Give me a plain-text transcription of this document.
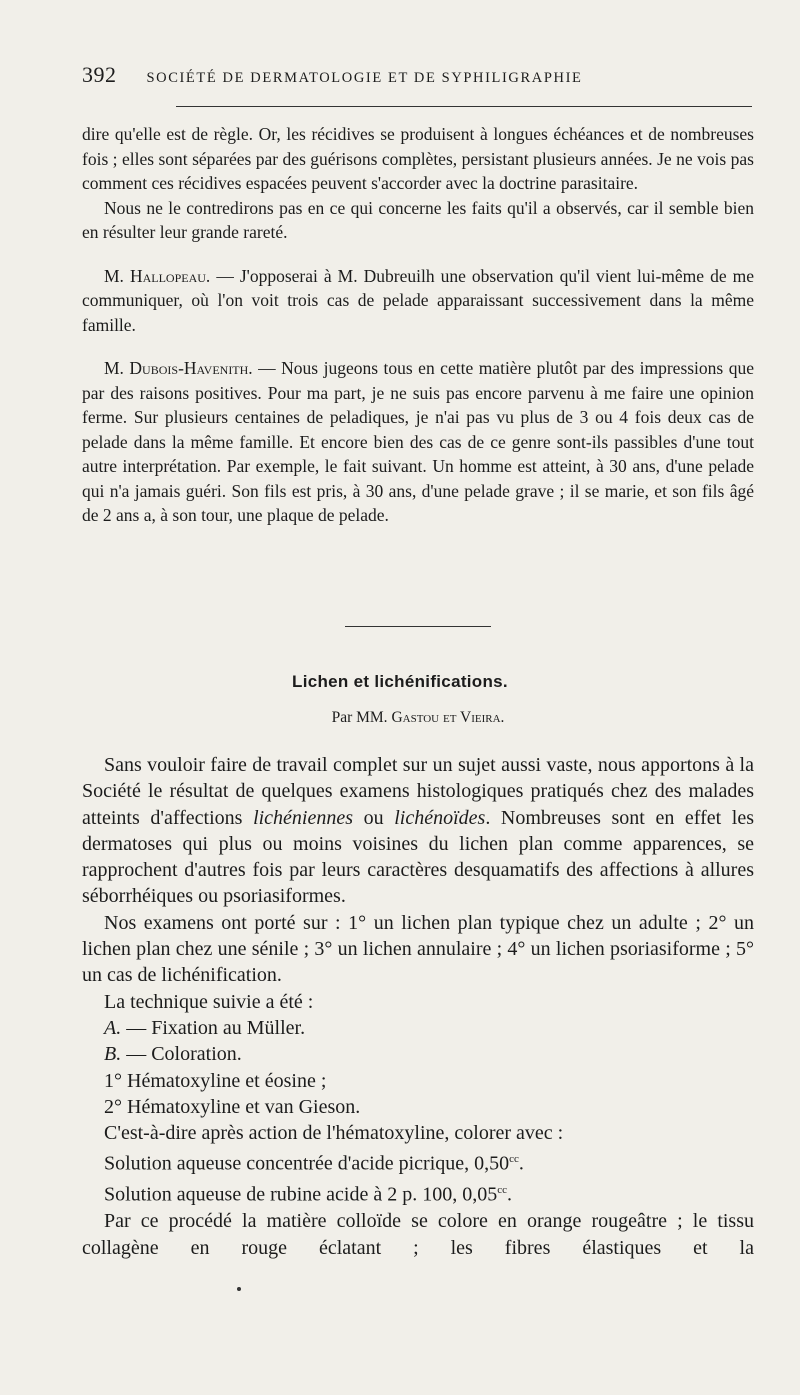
392 SOCIÉTÉ DE DERMATOLOGIE ET DE SYPHILIGRAPHIE

dire qu'elle est de règle. Or, les récidives se produisent à longues échéances et de nombreuses fois ; elles sont séparées par des guérisons complètes, persistant plusieurs années. Je ne vois pas comment ces récidives espacées peuvent s'accorder avec la doctrine parasitaire.

Nous ne le contredirons pas en ce qui concerne les faits qu'il a observés, car il semble bien en résulter leur grande rareté.

M. Hallopeau. — J'opposerai à M. Dubreuilh une observation qu'il vient lui-même de me communiquer, où l'on voit trois cas de pelade apparaissant successivement dans la même famille.

M. Dubois-Havenith. — Nous jugeons tous en cette matière plutôt par des impressions que par des raisons positives. Pour ma part, je ne suis pas encore parvenu à me faire une opinion ferme. Sur plusieurs centaines de peladiques, je n'ai pas vu plus de 3 ou 4 fois deux cas de pelade dans la même famille. Et encore bien des cas de ce genre sont-ils passibles d'une tout autre interprétation. Par exemple, le fait suivant. Un homme est atteint, à 30 ans, d'une pelade qui n'a jamais guéri. Son fils est pris, à 30 ans, d'une pelade grave ; il se marie, et son fils âgé de 2 ans a, à son tour, une plaque de pelade.

Lichen et lichénifications.
Par MM. Gastou et Vieira.

Sans vouloir faire de travail complet sur un sujet aussi vaste, nous apportons à la Société le résultat de quelques examens histologiques pratiqués chez des malades atteints d'affections lichéniennes ou lichénoïdes. Nombreuses sont en effet les dermatoses qui plus ou moins voisines du lichen plan comme apparences, se rapprochent d'autres fois par leurs caractères desquamatifs des affections à allures séborrhéiques ou psoriasiformes.

Nos examens ont porté sur : 1° un lichen plan typique chez un adulte ; 2° un lichen plan chez une sénile ; 3° un lichen annulaire ; 4° un lichen psoriasiforme ; 5° un cas de lichénification.

La technique suivie a été :

A. — Fixation au Müller.

B. — Coloration.

1° Hématoxyline et éosine ;

2° Hématoxyline et van Gieson.

C'est-à-dire après action de l'hématoxyline, colorer avec :

Solution aqueuse concentrée d'acide picrique, 0,50$^{cc}$.

Solution aqueuse de rubine acide à 2 p. 100, 0,05$^{cc}$.

Par ce procédé la matière colloïde se colore en orange rougeâtre ; le tissu collagène en rouge éclatant ; les fibres élastiques et la
